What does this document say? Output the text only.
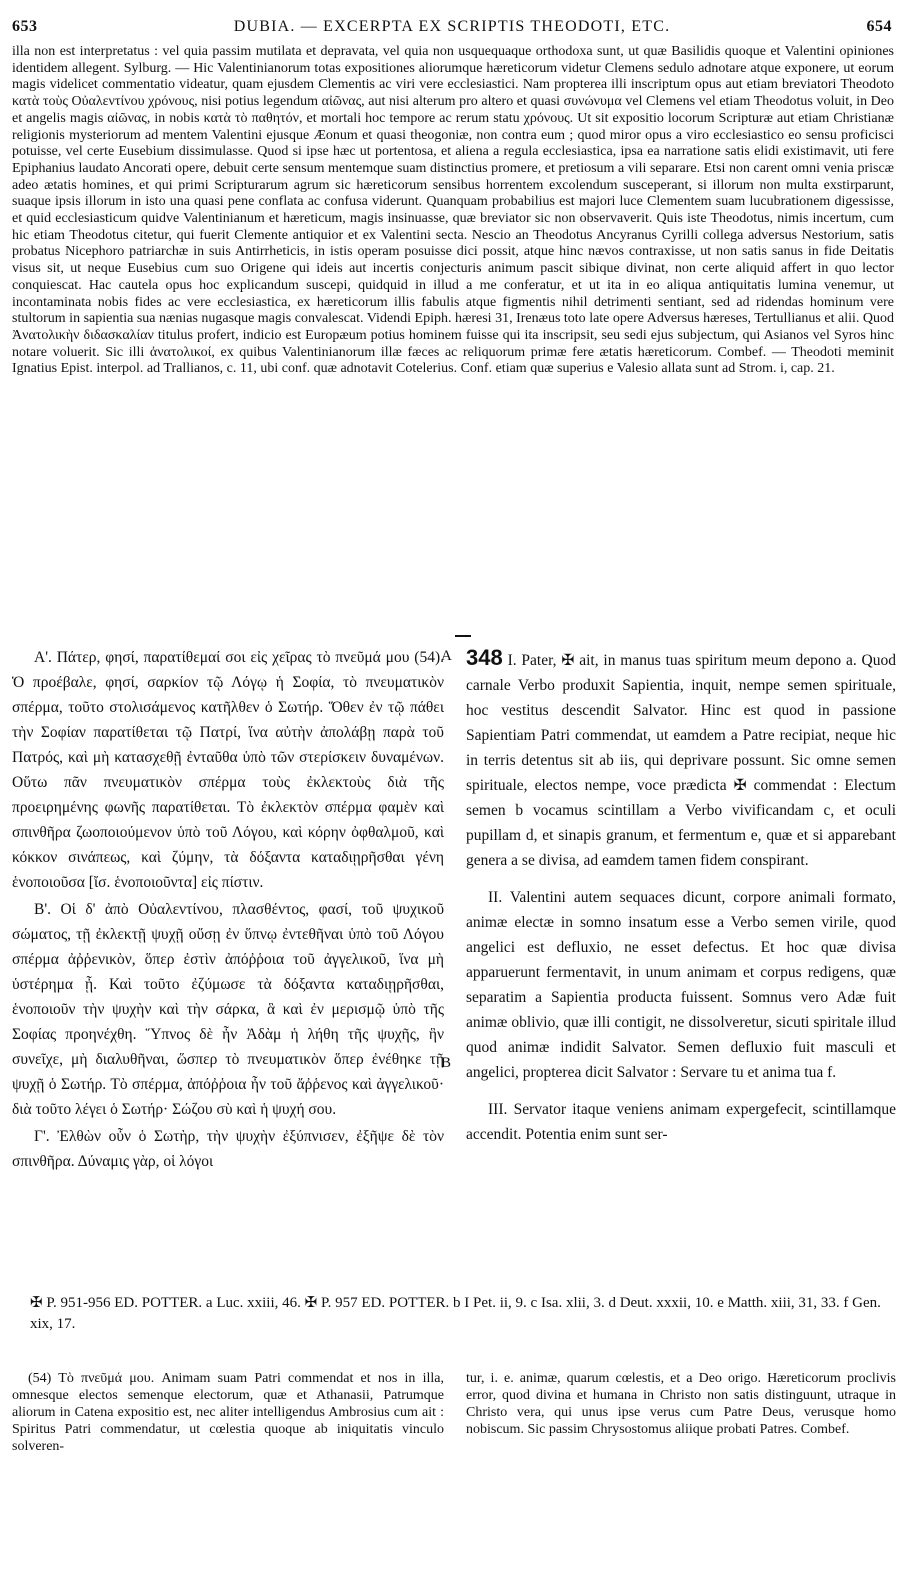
653	DUBIA. — EXCERPTA EX SCRIPTIS THEODOTI, ETC.	654
illa non est interpretatus : vel quia passim mutilata et depravata, vel quia non usquequaque orthodoxa sunt, ut quæ Basilidis quoque et Valentini opiniones identidem allegent. Sylburg. — Hic Valentinianorum totas expositiones aliorumque hæreticorum videtur Clemens sedulo adnotare atque exponere, ut eorum magis videlicet commentatio videatur, quam ejusdem Clementis ac viri vere ecclesiastici. Nam propterea illi inscriptum opus aut etiam breviatori Theodoto κατὰ τοὺς Οὐαλεντίνου χρόνους, nisi potius legendum αἰῶνας, aut nisi alterum pro altero et quasi συνώνυμα vel Clemens vel etiam Theodotus voluit, in Deo et angelis magis αἰῶνας, in nobis κατὰ τὸ παθητόν, et mortali hoc tempore ac rerum statu χρόνους. Ut sit expositio locorum Scripturæ aut etiam Christianæ religionis mysteriorum ad mentem Valentini ejusque Æonum et quasi theogoniæ, non contra eum ; quod miror opus a viro ecclesiastico eo sensu proficisci potuisse, vel certe Eusebium dissimulasse. Quod si ipse hæc ut portentosa, et aliena a regula ecclesiastica, ipsa ea narratione satis elidi existimavit, uti fere Epiphanius laudato Ancorati opere, debuit certe sensum mentemque suam distinctius promere, et pretiosum a vili separare. Etsi non carent omni venia priscæ adeo ætatis homines, et qui primi Scripturarum agrum sic hæreticorum sensibus horrentem excolendum susceperant, si illorum non multa exstirparunt, suaque ipsis illorum in isto una quasi pene conflata ac confusa viderunt. Quanquam probabilius est majori luce Clementem suam lucubrationem digessisse, et quid ecclesiasticum quidve Valentinianum et hæreticum, magis insinuasse, quæ breviator sic non observaverit. Quis iste Theodotus, nimis incertum, cum hic etiam Theodotus citetur, qui fuerit Clemente antiquior et ex Valentini secta. Nescio an Theodotus Ancyranus Cyrilli collega adversus Nestorium, satis probatus Nicephoro patriarchæ in suis Antirrheticis, in istis operam posuisse dici possit, atque hinc nævos contraxisse, ut non satis sanus in fide Deitatis visus sit, ut neque Eusebius cum suo Origene qui ideis aut incertis conjecturis animum pascit sibique divinat, non certe aliquid affert in quo lector conquiescat. Hac cautela opus hoc explicandum suscepi, quidquid in illud a me conferatur, et ut ita in eo aliqua antiquitatis lumina venemur, ut incontaminata nobis fides ac vere ecclesiastica, ex hæreticorum illis fabulis atque figmentis nihil detrimenti sentiant, sed ad ridendas hominum vere stultorum in sapientia sua nænias nugasque magis convalescat. Videndi Epiph. hæresi 31, Irenæus toto late opere Adversus hæreses, Tertullianus et alii. Quod Ἀνατολικὴν διδασκαλίαν titulus profert, indicio est Europæum potius hominem fuisse qui ita inscripsit, seu sedi ejus subjectum, qui Asianos vel Syros hinc notare voluerit. Sic illi ἀνατολικοί, ex quibus Valentinianorum illæ fæces ac reliquorum primæ fere ætatis hæreticorum. Combef. — Theodoti meminit Ignatius Epist. interpol. ad Trallianos, c. 11, ubi conf. quæ adnotavit Cotelerius. Conf. etiam quæ superius e Valesio allata sunt ad Strom. i, cap. 21.

Α'. Πάτερ, φησί, παρατίθεμαί σοι εἰς χεῖρας τὸ πνεῦμά μου (54). Ὁ προέβαλε, φησί, σαρκίον τῷ Λόγῳ ἡ Σοφία, τὸ πνευματικὸν σπέρμα, τοῦτο στολισάμενος κατῆλθεν ὁ Σωτήρ. Ὅθεν ἐν τῷ πάθει τὴν Σοφίαν παρατίθεται τῷ Πατρί, ἵνα αὐτὴν ἀπολάβῃ παρὰ τοῦ Πατρός, καὶ μὴ κατασχεθῇ ἐνταῦθα ὑπὸ τῶν στερίσκειν δυναμένων. Οὕτω πᾶν πνευματικὸν σπέρμα τοὺς ἐκλεκτοὺς διὰ τῆς προειρημένης φωνῆς παρατίθεται. Τὸ ἐκλεκτὸν σπέρμα φαμὲν καὶ σπινθῆρα ζωοποιούμενον ὑπὸ τοῦ Λόγου, καὶ κόρην ὀφθαλμοῦ, καὶ κόκκον σινάπεως, καὶ ζύμην, τὰ δόξαντα καταδιῃρῆσθαι γένη ἑνοποιοῦσα [ἴσ. ἑνοποιοῦντα] εἰς πίστιν.

Β'. Οἱ δ' ἀπὸ Οὐαλεντίνου, πλασθέντος, φασί, τοῦ ψυχικοῦ σώματος, τῇ ἐκλεκτῇ ψυχῇ οὔσῃ ἐν ὕπνῳ ἐντεθῆναι ὑπὸ τοῦ Λόγου σπέρμα ἀῤῥενικὸν, ὅπερ ἐστὶν ἀπόῤῥοια τοῦ ἀγγελικοῦ, ἵνα μὴ ὑστέρημα ᾖ. Καὶ τοῦτο ἐζύμωσε τὰ δόξαντα καταδιῃρῆσθαι, ἑνοποιοῦν τὴν ψυχὴν καὶ τὴν σάρκα, ἃ καὶ ἐν μερισμῷ ὑπὸ τῆς Σοφίας προηνέχθη. Ὕπνος δὲ ἦν Ἀδὰμ ἡ λήθη τῆς ψυχῆς, ἣν συνεῖχε, μὴ διαλυθῆναι, ὥσπερ τὸ πνευματικὸν ὅπερ ἐνέθηκε τῇ ψυχῇ ὁ Σωτήρ. Τὸ σπέρμα, ἀπόῤῥοια ἦν τοῦ ἄῤῥενος καὶ ἀγγελικοῦ· διὰ τοῦτο λέγει ὁ Σωτήρ· Σώζου σὺ καὶ ἡ ψυχή σου.

Γ'. Ἐλθὼν οὖν ὁ Σωτὴρ, τὴν ψυχὴν ἐξύπνισεν, ἐξῆψε δὲ τὸν σπινθῆρα. Δύναμις γὰρ, οἱ λόγοι

A
B

348 I. Pater, ✠ ait, in manus tuas spiritum meum depono a. Quod carnale Verbo produxit Sapientia, inquit, nempe semen spirituale, hoc vestitus descendit Salvator. Hinc est quod in passione Sapientiam Patri commendat, ut eamdem a Patre recipiat, neque hic in terris detentus sit ab iis, qui deprivare possunt. Sic omne semen spirituale, electos nempe, voce prædicta ✠ commendat : Electum semen b vocamus scintillam a Verbo vivificandam c, et oculi pupillam d, et sinapis granum, et fermentum e, quæ et si apparebant genera a se divisa, ad eamdem tamen fidem conspirant.

II. Valentini autem sequaces dicunt, corpore animali formato, animæ electæ in somno insatum esse a Verbo semen virile, quod angelici est defluxio, ne esset defectus. Et hoc quæ divisa apparuerunt fermentavit, in unum animam et corpus redigens, quæ separatim a Sapientia producta fuissent. Somnus vero Adæ fuit animæ oblivio, quæ illi contigit, ne dissolveretur, sicuti spiritale illud quod animæ indidit Salvator. Semen defluxio fuit masculi et angelici, propterea dicit Salvator : Servare tu et anima tua f.

III. Servator itaque veniens animam expergefecit, scintillamque accendit. Potentia enim sunt ser-

✠ P. 951-956 ED. POTTER. a Luc. xxiii, 46. ✠ P. 957 ED. POTTER. b I Pet. ii, 9. c Isa. xlii, 3. d Deut. xxxii, 10. e Matth. xiii, 31, 33. f Gen. xix, 17.

(54) Τὸ πνεῦμά μου. Animam suam Patri commendat et nos in illa, omnesque electos semenque electorum, quæ et Athanasii, Patrumque aliorum in Catena expositio est, nec aliter intelligendus Ambrosius cum ait : Spiritus Patri commendatur, ut cœlestia quoque ab iniquitatis vinculo solveren-

tur, i. e. animæ, quarum cœlestis, et a Deo origo. Hæreticorum proclivis error, quod divina et humana in Christo non satis distinguunt, utraque in Christo vera, qui unus ipse verus cum Patre Deus, verusque homo nobiscum. Sic passim Chrysostomus aliique probati Patres. Combef.
